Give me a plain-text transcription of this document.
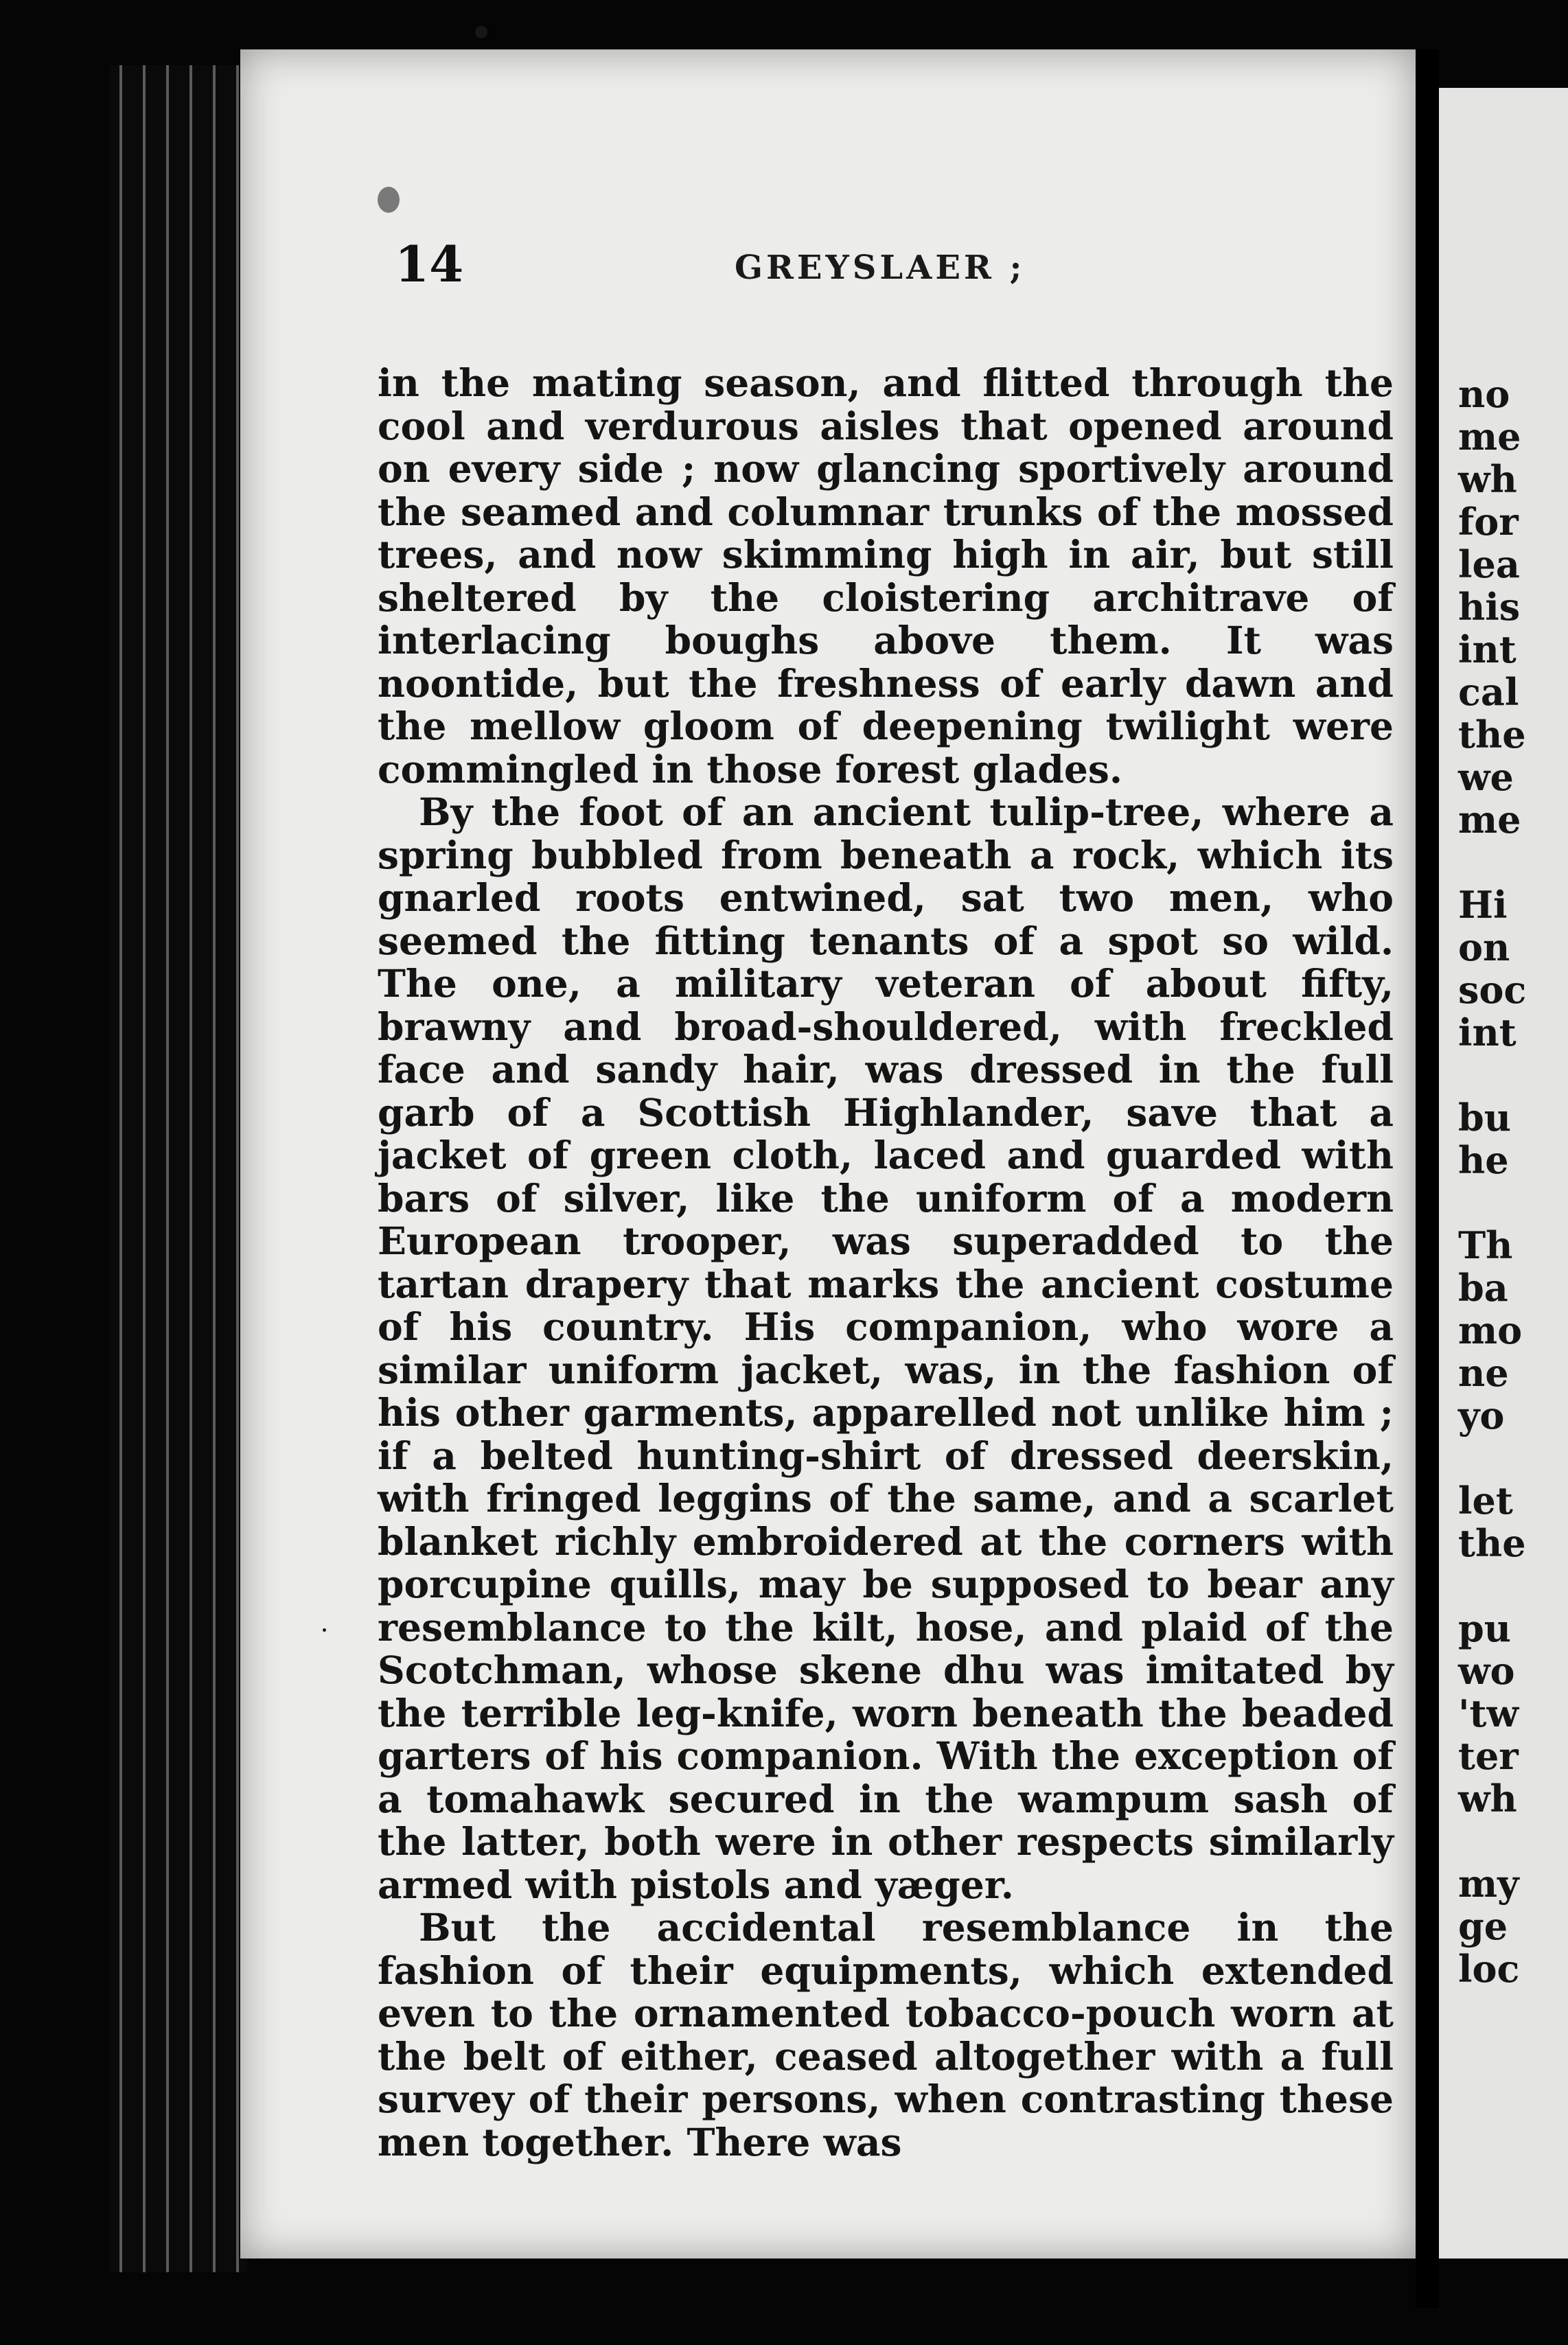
14	GREYSLAER ;

in the mating season, and flitted through the cool and verdurous aisles that opened around on every side ; now glancing sportively around the seamed and columnar trunks of the mossed trees, and now skimming high in air, but still sheltered by the cloistering architrave of interlacing boughs above them. It was noontide, but the freshness of early dawn and the mellow gloom of deepening twilight were commingled in those forest glades.

By the foot of an ancient tulip-tree, where a spring bubbled from beneath a rock, which its gnarled roots entwined, sat two men, who seemed the fitting tenants of a spot so wild. The one, a military veteran of about fifty, brawny and broad-shouldered, with freckled face and sandy hair, was dressed in the full garb of a Scottish Highlander, save that a jacket of green cloth, laced and guarded with bars of silver, like the uniform of a modern European trooper, was superadded to the tartan drapery that marks the ancient costume of his country. His companion, who wore a similar uniform jacket, was, in the fashion of his other garments, apparelled not unlike him ; if a belted hunting-shirt of dressed deerskin, with fringed leggins of the same, and a scarlet blanket richly embroidered at the corners with porcupine quills, may be supposed to bear any resemblance to the kilt, hose, and plaid of the Scotchman, whose skene dhu was imitated by the terrible leg-knife, worn beneath the beaded garters of his companion. With the exception of a tomahawk secured in the wampum sash of the latter, both were in other respects similarly armed with pistols and yæger.

But the accidental resemblance in the fashion of their equipments, which extended even to the ornamented tobacco-pouch worn at the belt of either, ceased altogether with a full survey of their persons, when contrasting these men together. There was

no
me
wh
for
lea
his
int
cal
the
we
me
Hi
on
soc
int
bu
he
Th
ba
mo
ne
yo
let
the
pu
wo
'tw
ter
wh
my
ge
loc
